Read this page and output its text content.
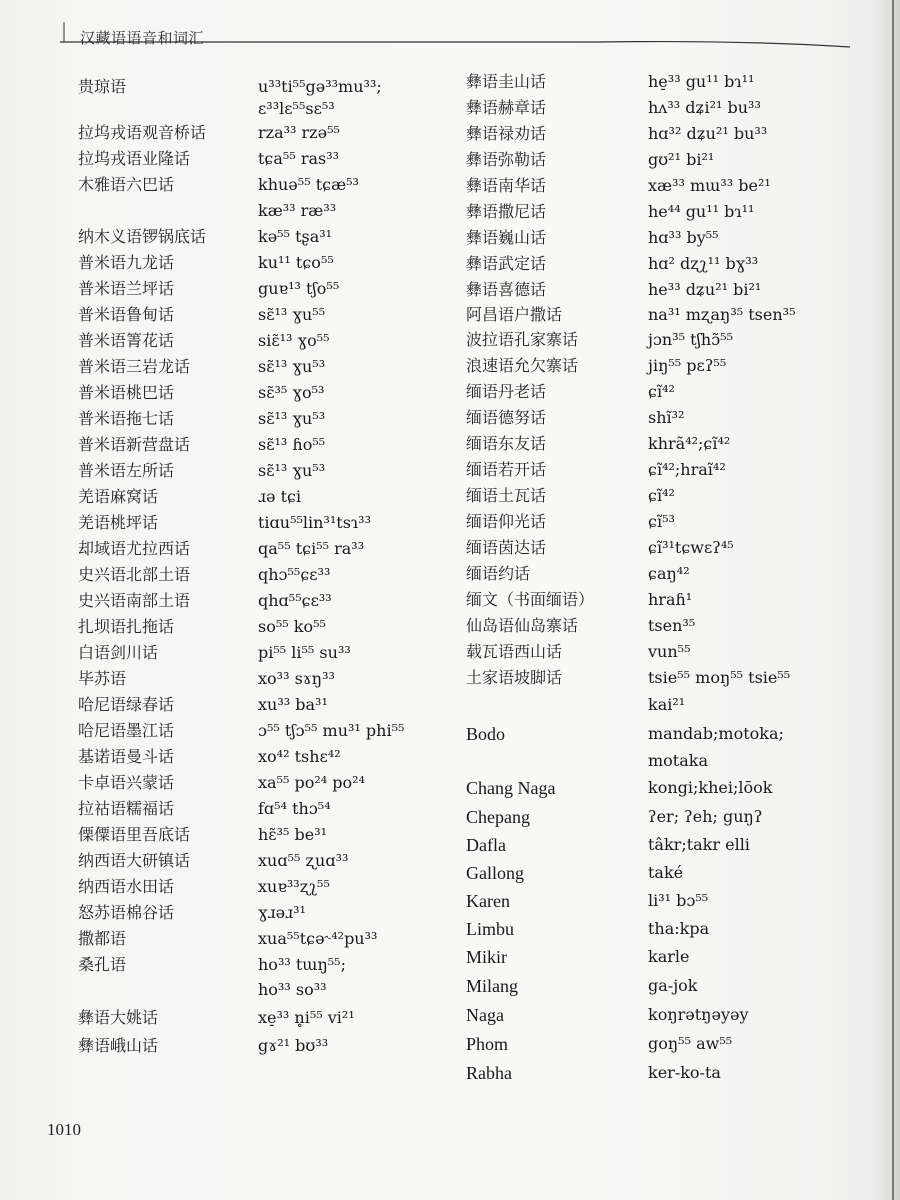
汉藏语语音和词汇
贵琼语	u³³ti⁵⁵gə³³mu³³;
ɛ³³lɛ⁵⁵sɛ⁵³
拉坞戎语观音桥话	rza³³ rzə⁵⁵
拉坞戎语业隆话	tɕa⁵⁵ ras³³
木雅语六巴话	khuə⁵⁵ tɕæ⁵³
kæ³³ ræ³³
纳木义语锣锅底话	kə⁵⁵ tʂa³¹
普米语九龙话	ku¹¹ tɕo⁵⁵
普米语兰坪话	guɐ¹³ tʃo⁵⁵
普米语鲁甸话	sɛ̃¹³ ɣu⁵⁵
普米语箐花话	siɛ̃¹³ ɣo⁵⁵
普米语三岩龙话	sɛ̃¹³ ɣu⁵³
普米语桃巴话	sɛ̃³⁵ ɣo⁵³
普米语拖七话	sɛ̃¹³ ɣu⁵³
普米语新营盘话	sɛ̃¹³ ɦo⁵⁵
普米语左所话	sɛ̃¹³ ɣu⁵³
羌语麻窝话	ɹə tɕi
羌语桃坪话	tiɑu⁵⁵lin³¹tsɿ³³
却域语尤拉西话	qa⁵⁵ tɕi⁵⁵ ra³³
史兴语北部土语	qhɔ⁵⁵ɕɛ³³
史兴语南部土语	qhɑ⁵⁵ɕɛ³³
扎坝语扎拖话	so⁵⁵ ko⁵⁵
白语剑川话	pi⁵⁵ li⁵⁵ su³³
毕苏语	xo³³ sɤŋ³³
哈尼语绿春话	xu³³ ba³¹
哈尼语墨江话	ɔ⁵⁵ tʃɔ⁵⁵ mu³¹ phi⁵⁵
基诺语曼斗话	xo⁴² tshɛ⁴²
卡卓语兴蒙话	xa⁵⁵ po²⁴ po²⁴
拉祜语糯福话	fɑ⁵⁴ thɔ⁵⁴
傈僳语里吾底话	hɛ̃³⁵ be³¹
纳西语大研镇话	xuɑ⁵⁵ ʐuɑ³³
纳西语水田话	xuɐ³³ʐʅ⁵⁵
怒苏语棉谷话	ɣɹəɹ³¹
撒都语	xua⁵⁵tɕə˞⁴²pu³³
桑孔语	ho³³ tɯŋ⁵⁵;
ho³³ so³³
彝语大姚话	xe̠³³ n̥i⁵⁵ vi²¹
彝语峨山话	gɤ²¹ bʊ³³
彝语圭山话	he̠³³ gu¹¹ bɿ¹¹
彝语赫章话	hʌ³³ dʑi²¹ bu³³
彝语禄劝话	hɑ³² dʑu²¹ bu³³
彝语弥勒话	gʊ²¹ bi²¹
彝语南华话	xæ³³ mɯ³³ be²¹
彝语撒尼话	he⁴⁴ gu¹¹ bɿ¹¹
彝语巍山话	hɑ³³ by⁵⁵
彝语武定话	hɑ² dʐʅ¹¹ bɣ³³
彝语喜德话	he³³ dʑu²¹ bi²¹
阿昌语户撒话	na³¹ mʐaŋ³⁵ tsen³⁵
波拉语孔家寨话	jɔn³⁵ tʃhɔ̃⁵⁵
浪速语允欠寨话	jiŋ⁵⁵ pɛʔ⁵⁵
缅语丹老话	ɕĩ⁴²
缅语德努话	shĩ³²
缅语东友话	khrã⁴²;ɕĩ⁴²
缅语若开话	ɕĩ⁴²;hraĩ⁴²
缅语土瓦话	ɕĩ⁴²
缅语仰光话	ɕĩ⁵³
缅语茵达话	ɕĩ³¹tɕwɛʔ⁴⁵
缅语约话	ɕaŋ⁴²
缅文（书面缅语）	hraɦ¹
仙岛语仙岛寨话	tsen³⁵
载瓦语西山话	vun⁵⁵
土家语坡脚话	tsie⁵⁵ moŋ⁵⁵ tsie⁵⁵
kai²¹
Bodo	mandab;motoka;
motaka
Chang Naga	kongi;khei;lōok
Chepang	ʔer; ʔeh; guŋʔ
Dafla	tâkr;takr elli
Gallong	také
Karen	li³¹ bɔ⁵⁵
Limbu	tha:kpa
Mikir	karle
Milang	ga-jok
Naga	koŋrətŋəyəy
Phom	goŋ⁵⁵ aw⁵⁵
Rabha	ker-ko-ta
1010
